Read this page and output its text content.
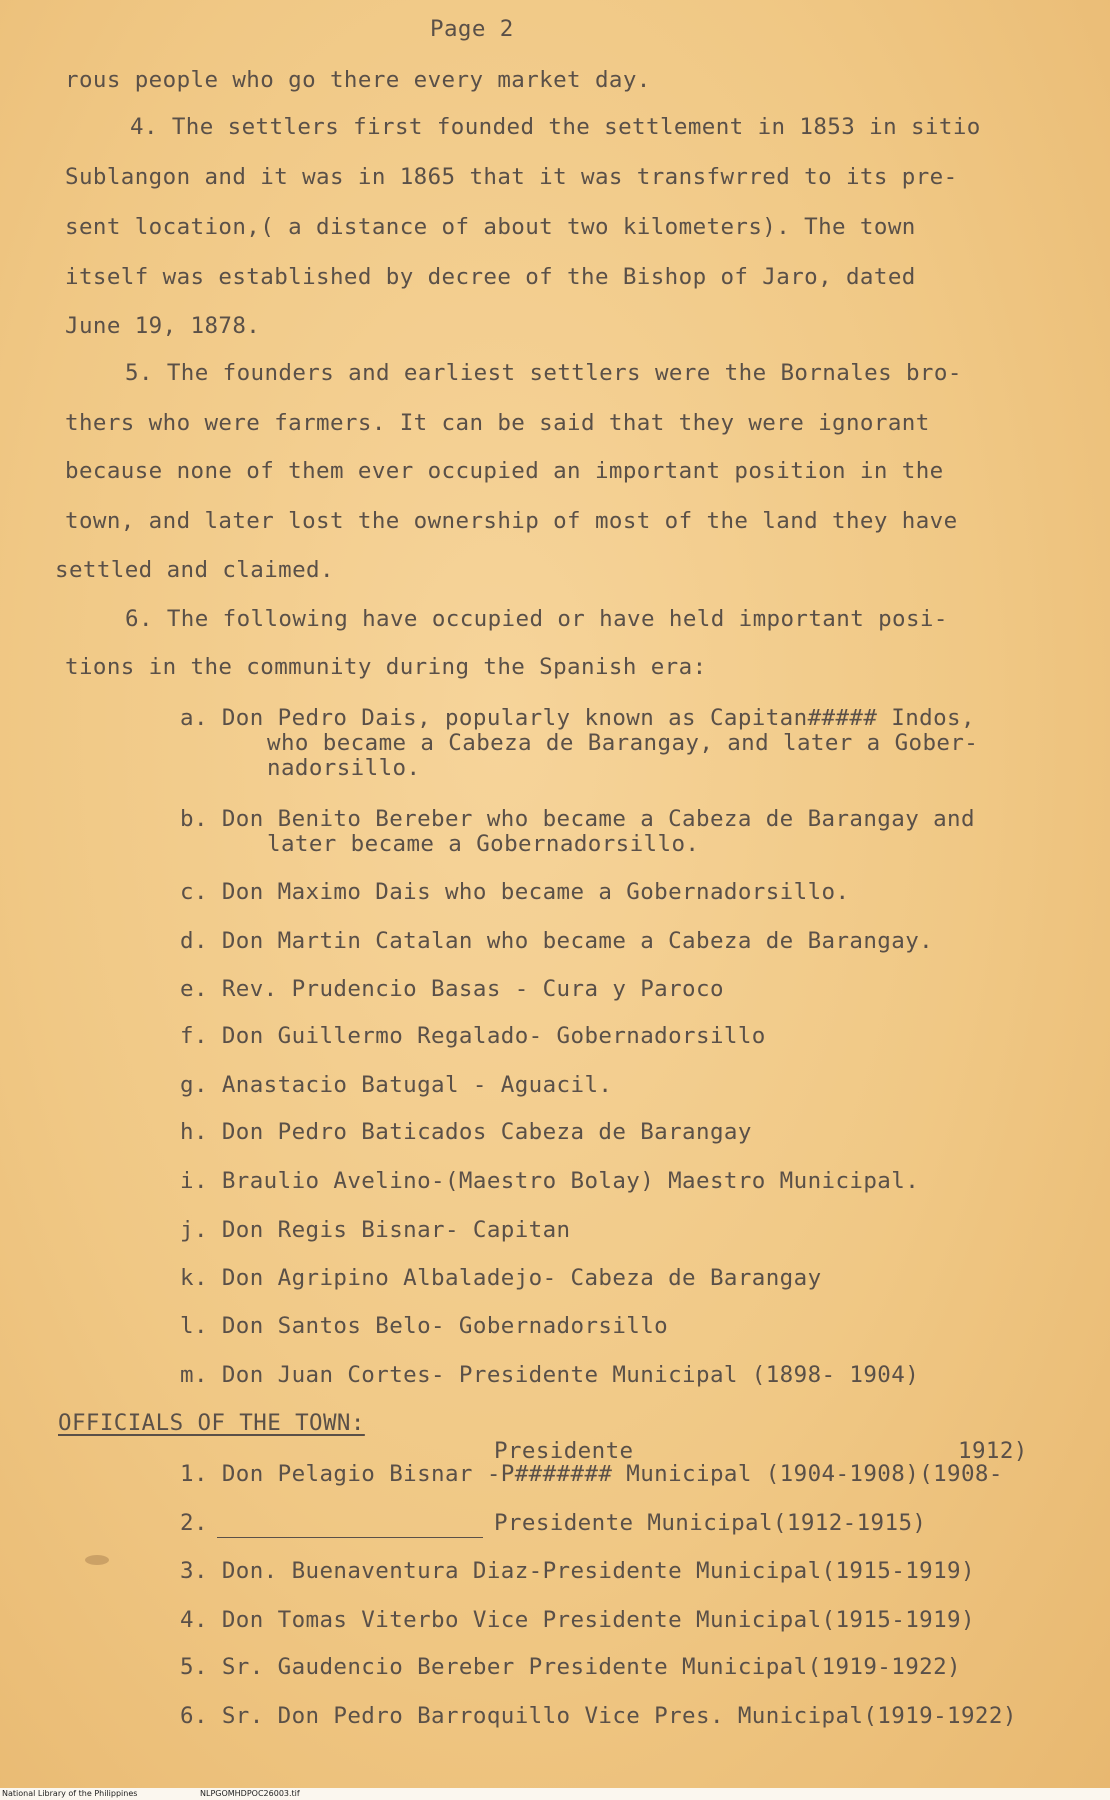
Page 2
rous people who go there every market day.
4. The settlers first founded the settlement in 1853 in sitio
Sublangon and it was in 1865 that it was transfwrred to its pre-
sent location,( a distance of about two kilometers). The town
itself was established by decree of the Bishop of Jaro, dated
June 19, 1878.
5. The founders and earliest settlers were the Bornales bro-
thers who were farmers. It can be said that they were ignorant
because none of them ever occupied an important position in the
town, and later lost the ownership of most of the land they have
settled and claimed.
6. The following have occupied or have held important posi-
tions in the community during the Spanish era:
a. Don Pedro Dais, popularly known as Capitan##### Indos,
who became a Cabeza de Barangay, and later a Gober-
nadorsillo.
b. Don Benito Bereber who became a Cabeza de Barangay and
later became a Gobernadorsillo.
c. Don Maximo Dais who became a Gobernadorsillo.
d. Don Martin Catalan who became a Cabeza de Barangay.
e. Rev. Prudencio Basas - Cura y Paroco
f. Don Guillermo Regalado- Gobernadorsillo
g. Anastacio Batugal - Aguacil.
h. Don Pedro Baticados Cabeza de Barangay
i. Braulio Avelino-(Maestro Bolay) Maestro Municipal.
j. Don Regis Bisnar- Capitan
k. Don Agripino Albaladejo- Cabeza de Barangay
l. Don Santos Belo- Gobernadorsillo
m. Don Juan Cortes- Presidente Municipal (1898- 1904)
OFFICIALS OF THE TOWN:
Presidente	1912)
1. Don Pelagio Bisnar -P####### Municipal (1904-1908)(1908-
2.	Presidente Municipal(1912-1915)
3. Don. Buenaventura Diaz-Presidente Municipal(1915-1919)
4. Don Tomas Viterbo Vice Presidente Municipal(1915-1919)
5. Sr. Gaudencio Bereber Presidente Municipal(1919-1922)
6. Sr. Don Pedro Barroquillo Vice Pres. Municipal(1919-1922)
National Library of the Philippines	NLPGOMHDPOC26003.tif
